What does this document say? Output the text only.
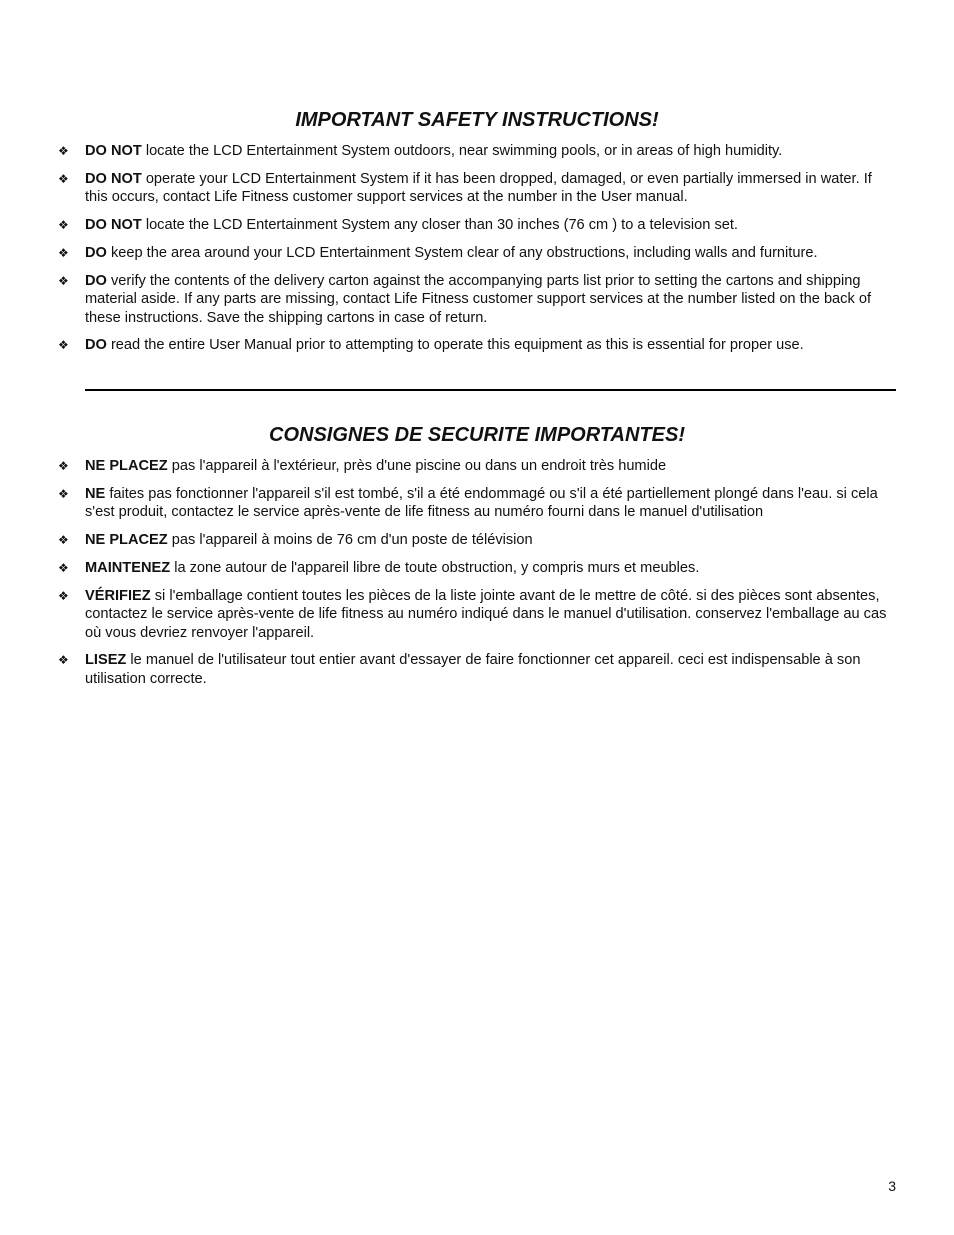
IMPORTANT SAFETY INSTRUCTIONS!
❖ DO NOT locate the LCD Entertainment System outdoors, near swimming pools, or in areas of high humidity.
❖ DO NOT operate your LCD Entertainment System if it has been dropped, damaged, or even partially immersed in water. If this occurs, contact Life Fitness customer support services at the number in the User manual.
❖ DO NOT locate the LCD Entertainment System any closer than 30 inches (76 cm ) to a television set.
❖ DO keep the area around your LCD Entertainment System clear of any obstructions, including walls and furniture.
❖ DO verify the contents of the delivery carton against the accompanying parts list prior to setting the cartons and shipping material aside. If any parts are missing, contact Life Fitness customer support services at the number listed on the back of these instructions. Save the shipping cartons in case of return.
❖ DO read the entire User Manual prior to attempting to operate this equipment as this is essential for proper use.
CONSIGNES DE SECURITE IMPORTANTES!
❖ NE PLACEZ pas l'appareil à l'extérieur, près d'une piscine ou dans un endroit très humide
❖ NE faites pas fonctionner l'appareil s'il est tombé, s'il a été endommagé ou s'il a été partiellement plongé dans l'eau. si cela s'est produit, contactez le service après-vente de life fitness au numéro fourni dans le manuel d'utilisation
❖ NE PLACEZ pas l'appareil à moins de 76 cm d'un poste de télévision
❖ MAINTENEZ la zone autour de l'appareil libre de toute obstruction, y compris murs et meubles.
❖ VÉRIFIEZ si l'emballage contient toutes les pièces de la liste jointe avant de le mettre de côté. si des pièces sont absentes, contactez le service après-vente de life fitness au numéro indiqué dans le manuel d'utilisation. conservez l'emballage au cas où vous devriez renvoyer l'appareil.
❖ LISEZ le manuel de l'utilisateur tout entier avant d'essayer de faire fonctionner cet appareil. ceci est indispensable à son utilisation correcte.
3
